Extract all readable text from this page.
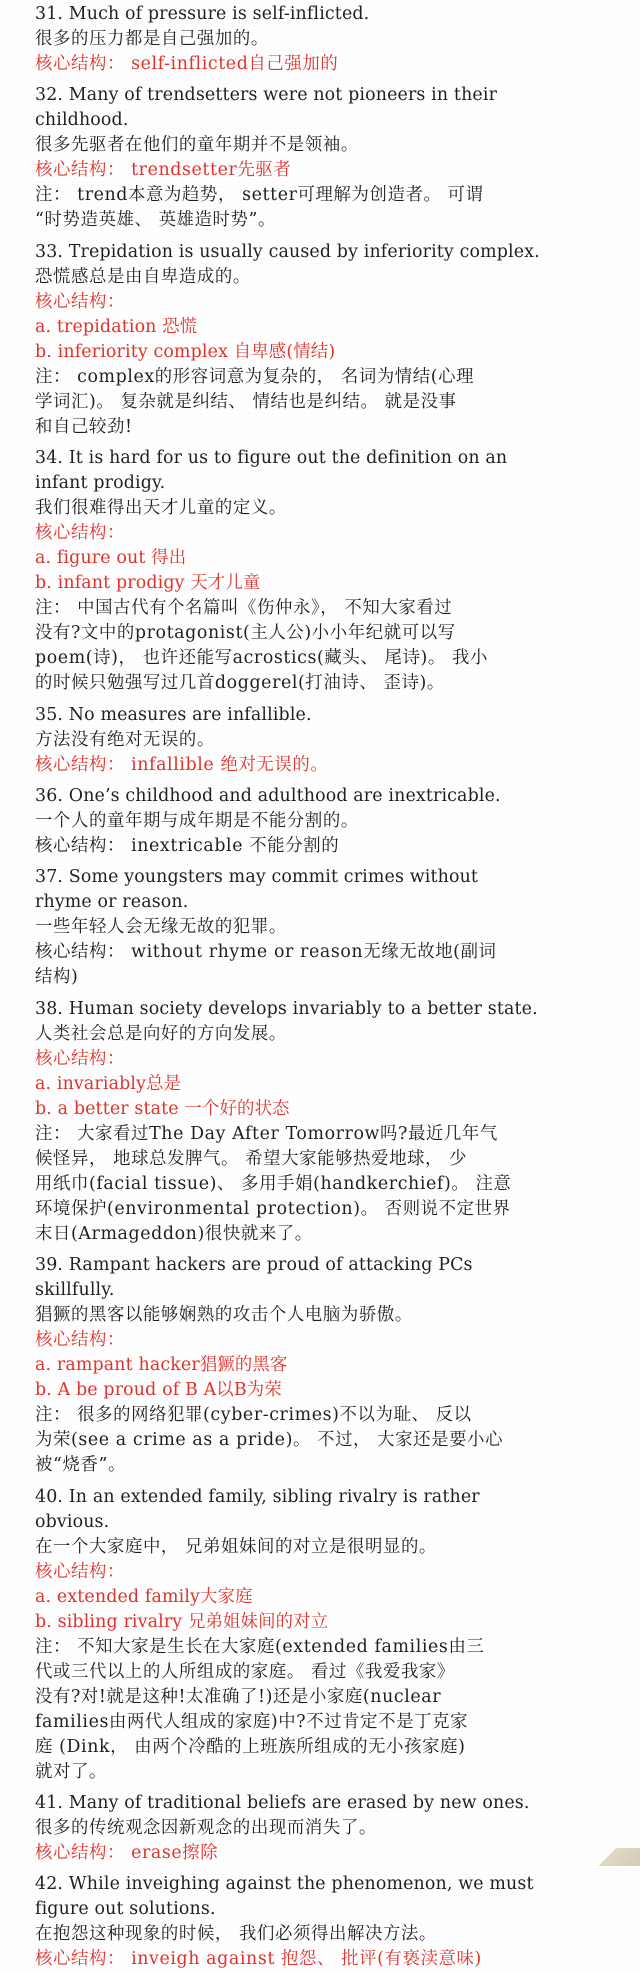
31. Much of pressure is self-inflicted.
很多的压力都是自己强加的。
核心结构： self-inflicted自己强加的
32. Many of trendsetters were not pioneers in their
childhood.
很多先驱者在他们的童年期并不是领袖。
核心结构： trendsetter先驱者
注： trend本意为趋势， setter可理解为创造者。 可谓
“时势造英雄、 英雄造时势”。
33. Trepidation is usually caused by inferiority complex.
恐慌感总是由自卑造成的。
核心结构：
a. trepidation 恐慌
b. inferiority complex 自卑感(情结)
注： complex的形容词意为复杂的， 名词为情结(心理
学词汇)。 复杂就是纠结、 情结也是纠结。 就是没事
和自己较劲!
34. It is hard for us to figure out the definition on an
infant prodigy.
我们很难得出天才儿童的定义。
核心结构：
a. figure out 得出
b. infant prodigy 天才儿童
注： 中国古代有个名篇叫《伤仲永》， 不知大家看过
没有?文中的protagonist(主人公)小小年纪就可以写
poem(诗)， 也许还能写acrostics(藏头、 尾诗)。 我小
的时候只勉强写过几首doggerel(打油诗、 歪诗)。
35. No measures are infallible.
方法没有绝对无误的。
核心结构： infallible 绝对无误的。
36. One’s childhood and adulthood are inextricable.
一个人的童年期与成年期是不能分割的。
核心结构： inextricable 不能分割的
37. Some youngsters may commit crimes without
rhyme or reason.
一些年轻人会无缘无故的犯罪。
核心结构： without rhyme or reason无缘无故地(副词
结构)
38. Human society develops invariably to a better state.
人类社会总是向好的方向发展。
核心结构：
a. invariably总是
b. a better state 一个好的状态
注： 大家看过The Day After Tomorrow吗?最近几年气
候怪异， 地球总发脾气。 希望大家能够热爱地球， 少
用纸巾(facial tissue)、 多用手娟(handkerchief)。 注意
环境保护(environmental protection)。 否则说不定世界
末日(Armageddon)很快就来了。
39. Rampant hackers are proud of attacking PCs
skillfully.
猖獗的黑客以能够娴熟的攻击个人电脑为骄傲。
核心结构：
a. rampant hacker猖獗的黑客
b. A be proud of B A以B为荣
注： 很多的网络犯罪(cyber-crimes)不以为耻、 反以
为荣(see a crime as a pride)。 不过， 大家还是要小心
被“烧香”。
40. In an extended family, sibling rivalry is rather
obvious.
在一个大家庭中， 兄弟姐妹间的对立是很明显的。
核心结构：
a. extended family大家庭
b. sibling rivalry 兄弟姐妹间的对立
注： 不知大家是生长在大家庭(extended families由三
代或三代以上的人所组成的家庭。 看过《我爱我家》
没有?对!就是这种!太准确了!)还是小家庭(nuclear
families由两代人组成的家庭)中?不过肯定不是丁克家
庭 (Dink， 由两个冷酷的上班族所组成的无小孩家庭)
就对了。
41. Many of traditional beliefs are erased by new ones.
很多的传统观念因新观念的出现而消失了。
核心结构： erase擦除
42. While inveighing against the phenomenon, we must
figure out solutions.
在抱怨这种现象的时候， 我们必须得出解决方法。
核心结构： inveigh against 抱怨、 批评(有亵渎意味)
